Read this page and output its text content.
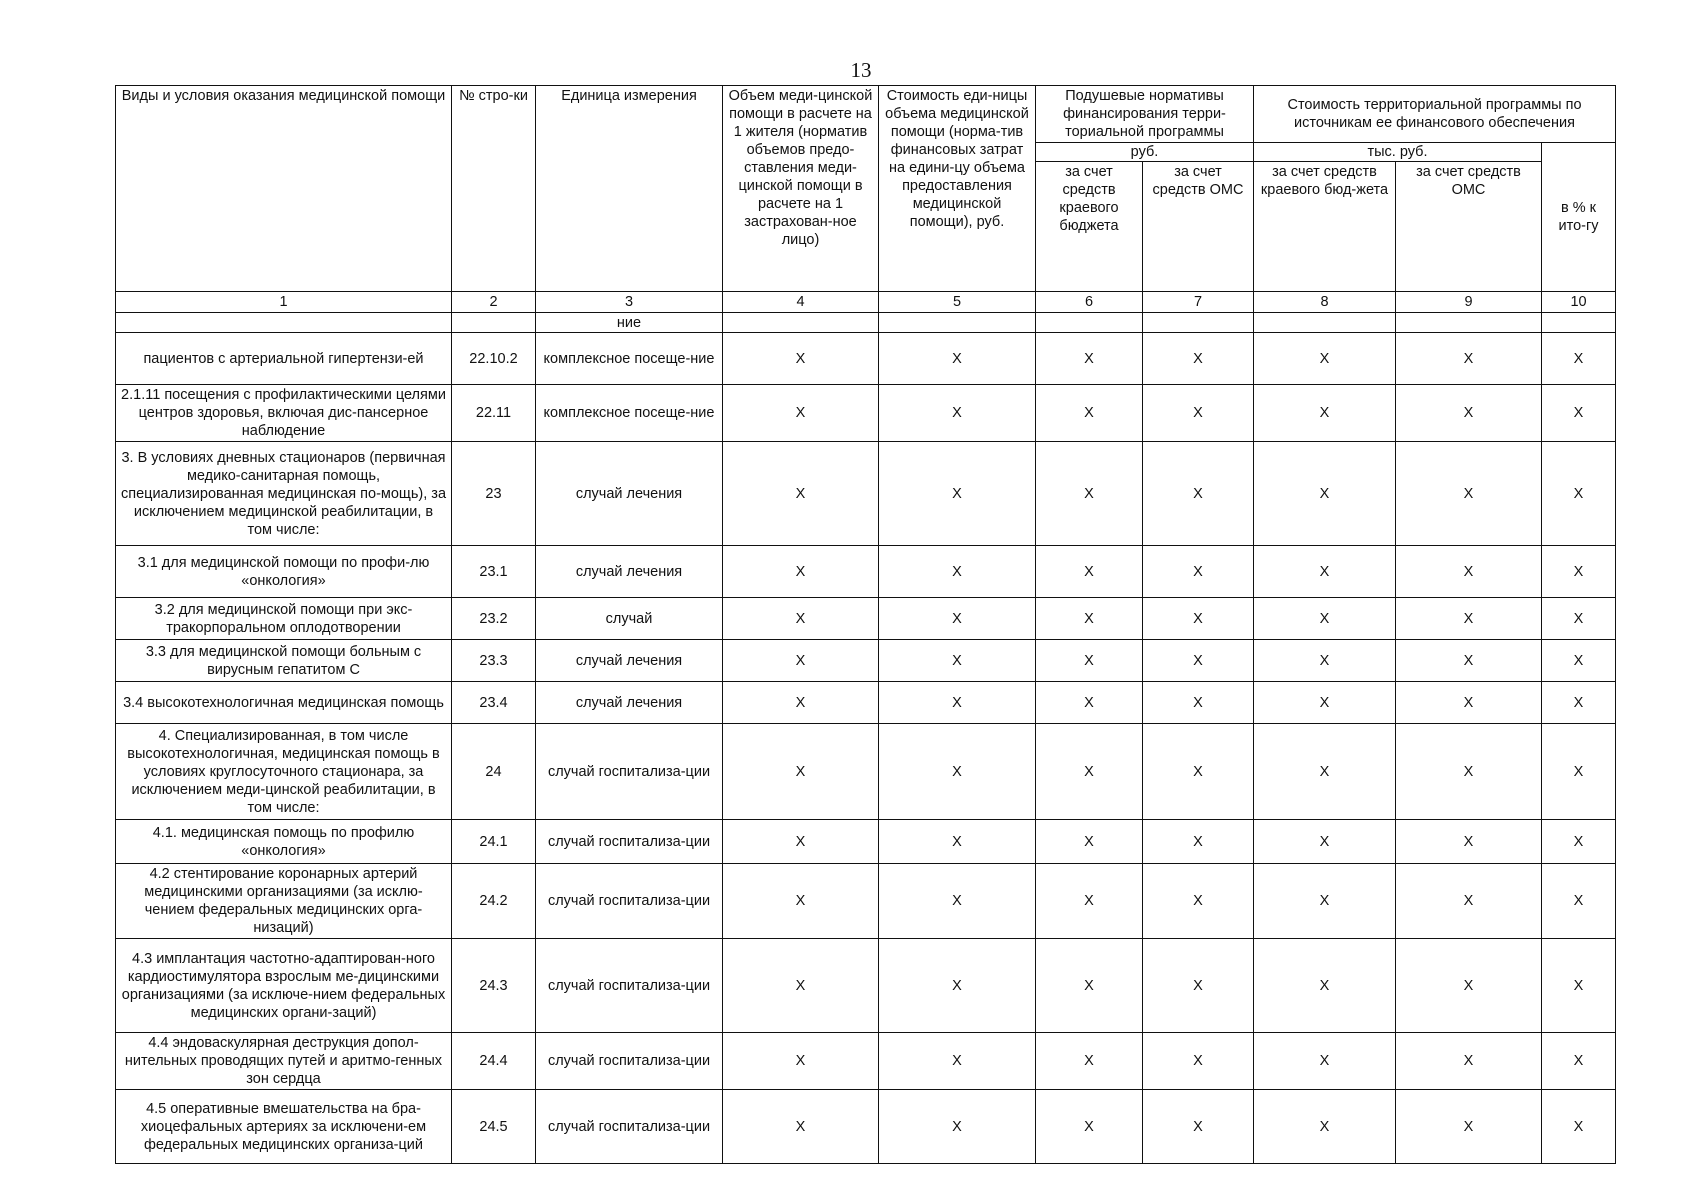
13
Виды и условия оказания медицинской помощи	№ стро-ки	Единица измерения	Объем меди-цинской помощи в расчете на 1 жителя (норматив объемов предо-ставления меди-цинской помощи в расчете на 1 застрахован-ное лицо)	Стоимость еди-ницы объема медицинской помощи (норма-тив финансовых затрат на едини-цу объема предоставления медицинской помощи), руб.	Подушевые нормативы финансирования терри-ториальной программы		Стоимость территориальной программы по источникам ее финансового обеспечения		
					руб.		тыс. руб.		в % к ито-гу
					за счет средств краевого бюджета	за счет средств ОМС	за счет средств краевого бюд-жета	за счет средств ОМС	
1	2	3	4	5	6	7	8	9	10
		ние							
пациентов с артериальной гипертензи-ей	22.10.2	комплексное посеще-ние	X	X	X	X	X	X	X
2.1.11 посещения с профилактическими целями центров здоровья, включая дис-пансерное наблюдение	22.11	комплексное посеще-ние	X	X	X	X	X	X	X
3. В условиях дневных стационаров (первичная медико-санитарная помощь, специализированная медицинская по-мощь), за исключением медицинской реабилитации, в том числе:	23	случай лечения	X	X	X	X	X	X	X
3.1 для медицинской помощи по профи-лю «онкология»	23.1	случай лечения	X	X	X	X	X	X	X
3.2 для медицинской помощи при экс-тракорпоральном оплодотворении	23.2	случай	X	X	X	X	X	X	X
3.3 для медицинской помощи больным с вирусным гепатитом С	23.3	случай лечения	X	X	X	X	X	X	X
3.4 высокотехнологичная медицинская помощь	23.4	случай лечения	X	X	X	X	X	X	X
4. Специализированная, в том числе высокотехнологичная, медицинская помощь в условиях круглосуточного стационара, за исключением меди-цинской реабилитации, в том числе:	24	случай госпитализа-ции	X	X	X	X	X	X	X
4.1. медицинская помощь по профилю «онкология»	24.1	случай госпитализа-ции	X	X	X	X	X	X	X
4.2 стентирование коронарных артерий медицинскими организациями (за исклю-чением федеральных медицинских орга-низаций)	24.2	случай госпитализа-ции	X	X	X	X	X	X	X
4.3 имплантация частотно-адаптирован-ного кардиостимулятора взрослым ме-дицинскими организациями (за исключе-нием федеральных медицинских органи-заций)	24.3	случай госпитализа-ции	X	X	X	X	X	X	X
4.4 эндоваскулярная деструкция допол-нительных проводящих путей и аритмо-генных зон сердца	24.4	случай госпитализа-ции	X	X	X	X	X	X	X
4.5 оперативные вмешательства на бра-хиоцефальных артериях за исключени-ем федеральных медицинских организа-ций	24.5	случай госпитализа-ции	X	X	X	X	X	X	X
